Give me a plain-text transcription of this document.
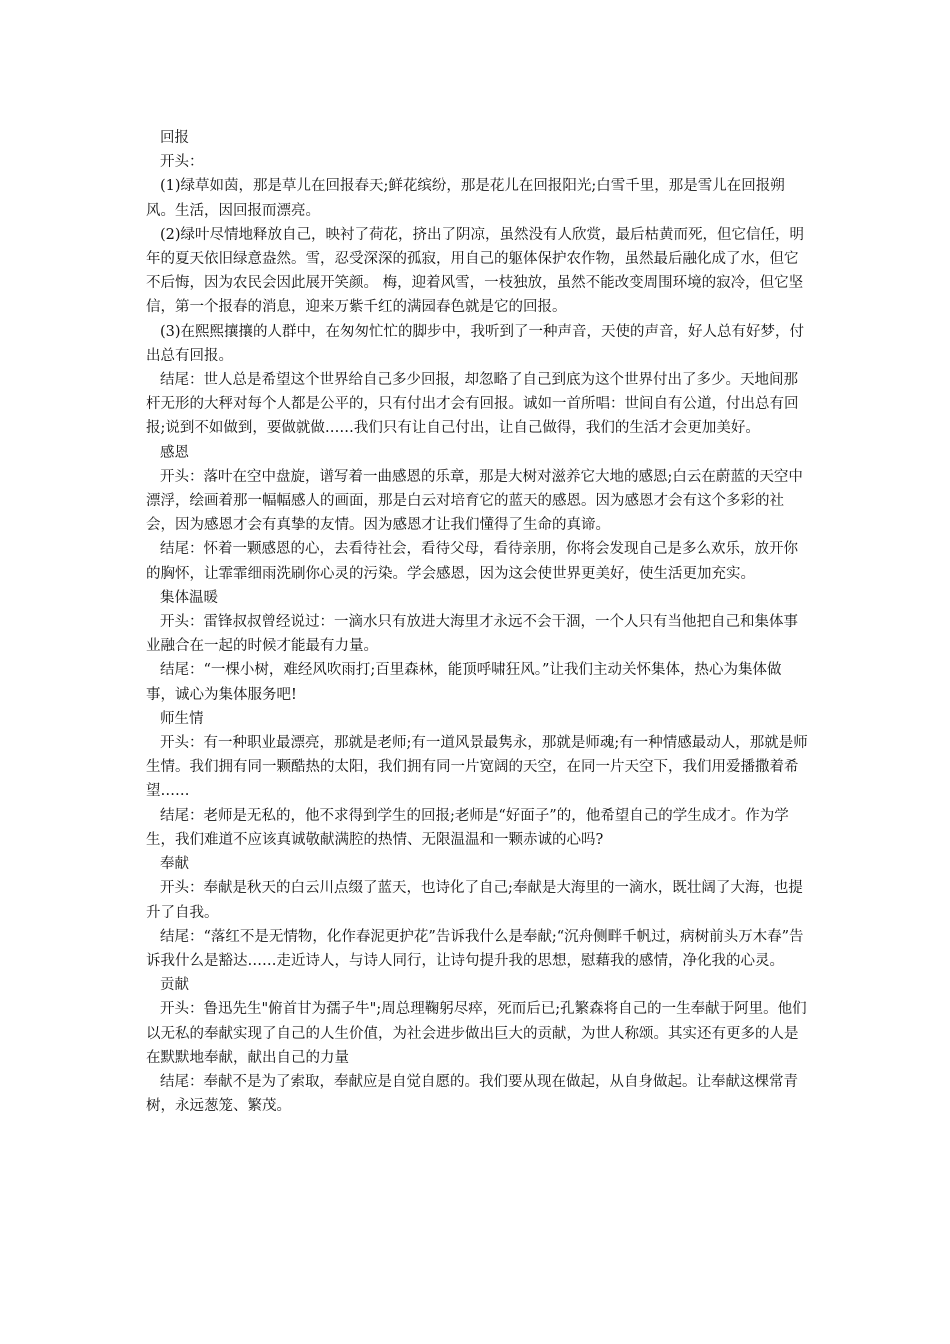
回报

开头：

(1)绿草如茵，那是草儿在回报春天;鲜花缤纷，那是花儿在回报阳光;白雪千里，那是雪儿在回报朔风。生活，因回报而漂亮。

(2)绿叶尽情地释放自己，映衬了荷花，挤出了阴凉，虽然没有人欣赏，最后枯黄而死，但它信任，明年的夏天依旧绿意盎然。雪，忍受深深的孤寂，用自己的躯体保护农作物，虽然最后融化成了水，但它不后悔，因为农民会因此展开笑颜。 梅，迎着风雪，一枝独放，虽然不能改变周围环境的寂冷，但它坚信，第一个报春的消息，迎来万紫千红的满园春色就是它的回报。

(3)在熙熙攘攘的人群中，在匆匆忙忙的脚步中，我听到了一种声音，天使的声音，好人总有好梦，付出总有回报。

结尾：世人总是希望这个世界给自己多少回报，却忽略了自己到底为这个世界付出了多少。天地间那杆无形的大秤对每个人都是公平的，只有付出才会有回报。诚如一首所唱：世间自有公道，付出总有回报;说到不如做到，要做就做……我们只有让自己付出，让自己做得，我们的生活才会更加美好。

感恩

开头：落叶在空中盘旋，谱写着一曲感恩的乐章，那是大树对滋养它大地的感恩;白云在蔚蓝的天空中漂浮，绘画着那一幅幅感人的画面，那是白云对培育它的蓝天的感恩。因为感恩才会有这个多彩的社会，因为感恩才会有真挚的友情。因为感恩才让我们懂得了生命的真谛。

结尾：怀着一颗感恩的心，去看待社会，看待父母，看待亲朋，你将会发现自己是多么欢乐，放开你的胸怀，让霏霏细雨洗刷你心灵的污染。学会感恩，因为这会使世界更美好，使生活更加充实。

集体温暖

开头：雷锋叔叔曾经说过：一滴水只有放进大海里才永远不会干涸，一个人只有当他把自己和集体事业融合在一起的时候才能最有力量。

结尾：“一棵小树，难经风吹雨打;百里森林，能顶呼啸狂风。”让我们主动关怀集体，热心为集体做事，诚心为集体服务吧!

师生情

开头：有一种职业最漂亮，那就是老师;有一道风景最隽永，那就是师魂;有一种情感最动人，那就是师生情。我们拥有同一颗酷热的太阳，我们拥有同一片宽阔的天空，在同一片天空下，我们用爱播撒着希望……

结尾：老师是无私的，他不求得到学生的回报;老师是“好面子”的，他希望自己的学生成才。作为学生，我们难道不应该真诚敬献满腔的热情、无限温温和一颗赤诚的心吗?

奉献

开头：奉献是秋天的白云川点缀了蓝天，也诗化了自己;奉献是大海里的一滴水，既壮阔了大海，也提升了自我。

结尾：“落红不是无情物，化作春泥更护花”告诉我什么是奉献;“沉舟侧畔千帆过，病树前头万木春”告诉我什么是豁达……走近诗人，与诗人同行，让诗句提升我的思想，慰藉我的感情，净化我的心灵。

贡献

开头：鲁迅先生"俯首甘为孺子牛";周总理鞠躬尽瘁，死而后已;孔繁森将自己的一生奉献于阿里。他们以无私的奉献实现了自己的人生价值，为社会进步做出巨大的贡献，为世人称颂。其实还有更多的人是在默默地奉献，献出自己的力量

结尾：奉献不是为了索取，奉献应是自觉自愿的。我们要从现在做起，从自身做起。让奉献这棵常青树，永远葱笼、繁茂。
